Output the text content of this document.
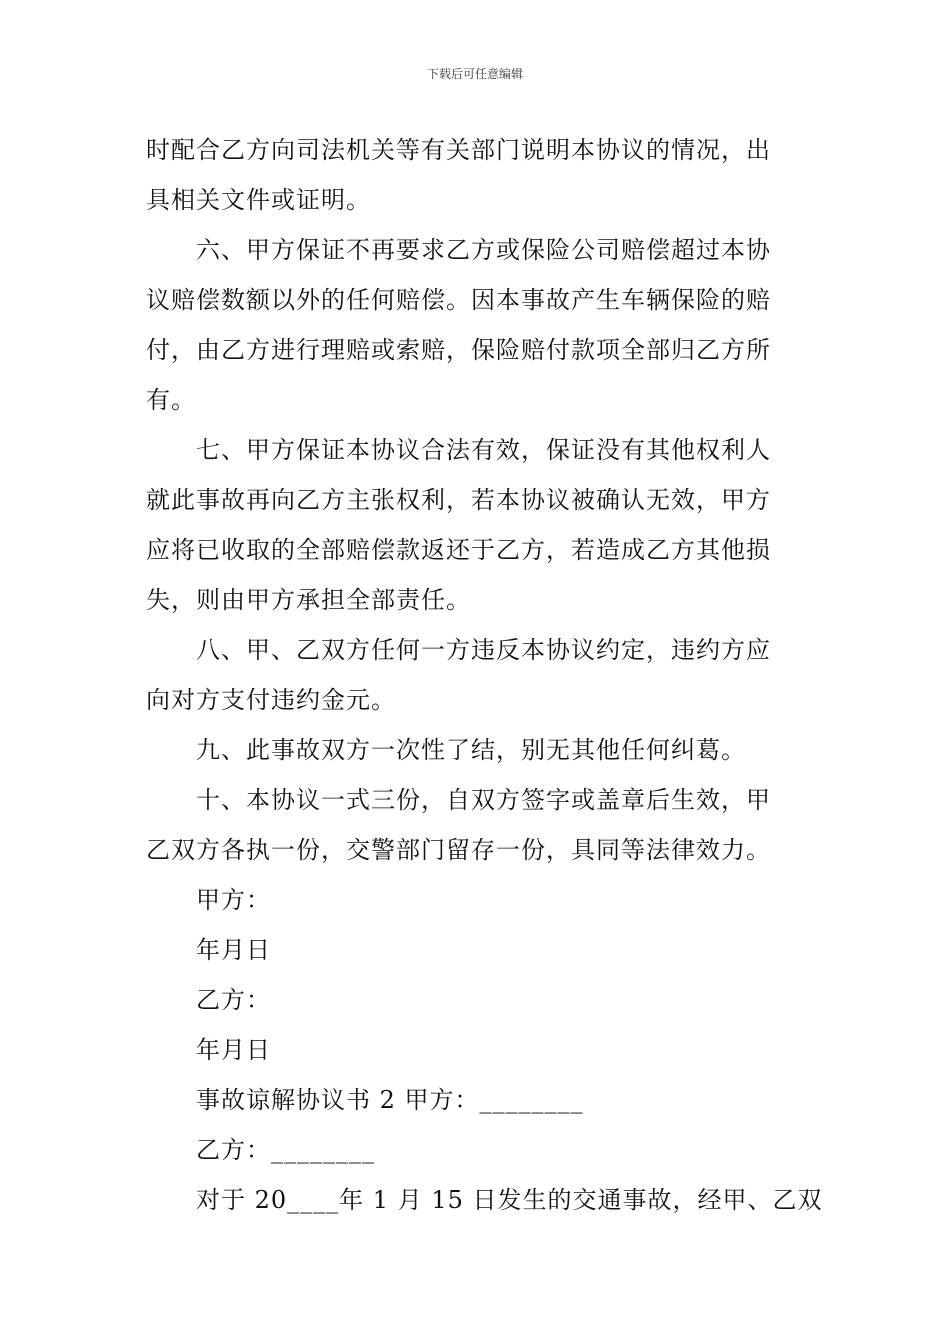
下载后可任意编辑

时配合乙方向司法机关等有关部门说明本协议的情况，出

具相关文件或证明。

　　六、甲方保证不再要求乙方或保险公司赔偿超过本协

议赔偿数额以外的任何赔偿。因本事故产生车辆保险的赔

付，由乙方进行理赔或索赔，保险赔付款项全部归乙方所

有。

　　七、甲方保证本协议合法有效，保证没有其他权利人

就此事故再向乙方主张权利，若本协议被确认无效，甲方

应将已收取的全部赔偿款返还于乙方，若造成乙方其他损

失，则由甲方承担全部责任。

　　八、甲、乙双方任何一方违反本协议约定，违约方应

向对方支付违约金元。

　　九、此事故双方一次性了结，别无其他任何纠葛。

　　十、本协议一式三份，自双方签字或盖章后生效，甲

乙双方各执一份，交警部门留存一份，具同等法律效力。

　　甲方：

　　年月日

　　乙方：

　　年月日

　　事故谅解协议书 2 甲方：________

　　乙方：________

　　对于 20____年 1 月 15 日发生的交通事故，经甲、乙双
